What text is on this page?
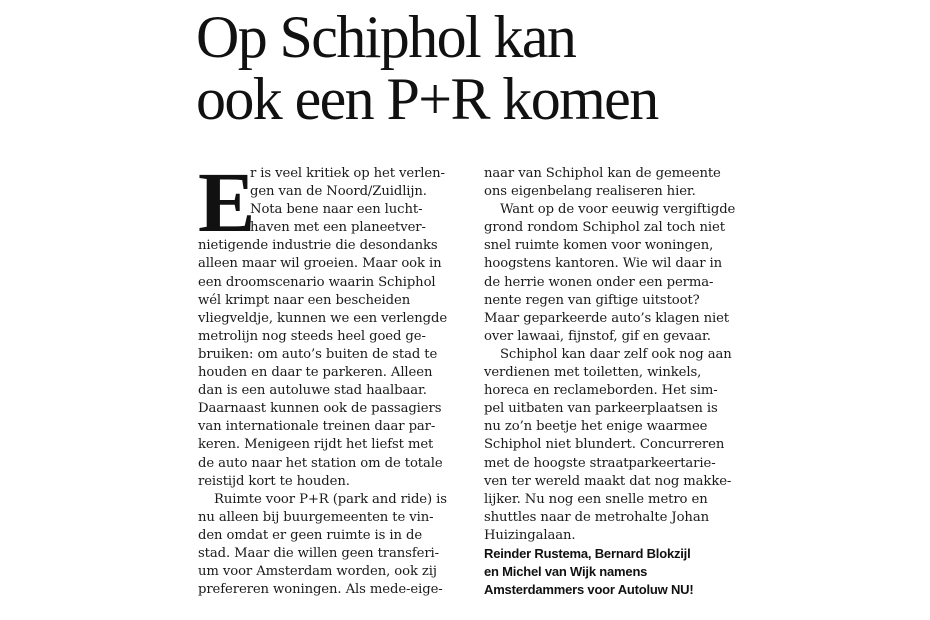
Op Schiphol kan
ook een P+R komen
E
r is veel kritiek op het verlen-
gen van de Noord/Zuidlijn.
Nota bene naar een lucht-
haven met een planeetver-
nietigende industrie die desondanks
alleen maar wil groeien. Maar ook in
een droomscenario waarin Schiphol
wél krimpt naar een bescheiden
vliegveldje, kunnen we een verlengde
metrolijn nog steeds heel goed ge-
bruiken: om auto’s buiten de stad te
houden en daar te parkeren. Alleen
dan is een autoluwe stad haalbaar.
Daarnaast kunnen ook de passagiers
van internationale treinen daar par-
keren. Menigeen rijdt het liefst met
de auto naar het station om de totale
reistijd kort te houden.
Ruimte voor P+R (park and ride) is
nu alleen bij buurgemeenten te vin-
den omdat er geen ruimte is in de
stad. Maar die willen geen transferi-
um voor Amsterdam worden, ook zij
prefereren woningen. Als mede-eige-
naar van Schiphol kan de gemeente
ons eigenbelang realiseren hier.
Want op de voor eeuwig vergiftigde
grond rondom Schiphol zal toch niet
snel ruimte komen voor woningen,
hoogstens kantoren. Wie wil daar in
de herrie wonen onder een perma-
nente regen van giftige uitstoot?
Maar geparkeerde auto’s klagen niet
over lawaai, fijnstof, gif en gevaar.
Schiphol kan daar zelf ook nog aan
verdienen met toiletten, winkels,
horeca en reclameborden. Het sim-
pel uitbaten van parkeerplaatsen is
nu zo’n beetje het enige waarmee
Schiphol niet blundert. Concurreren
met de hoogste straatparkeertarie-
ven ter wereld maakt dat nog makke-
lijker. Nu nog een snelle metro en
shuttles naar de metrohalte Johan
Huizingalaan.
Reinder Rustema, Bernard Blokzijl
en Michel van Wijk namens
Amsterdammers voor Autoluw NU!
